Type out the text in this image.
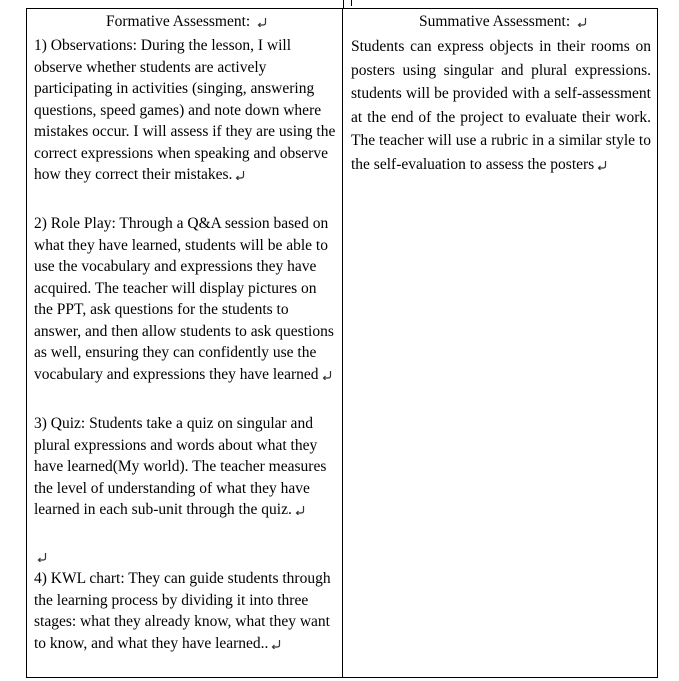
Formative Assessment:	Summative Assessment:

1) Observations: During the lesson, I will observe whether students are actively participating in activities (singing, answering questions, speed games) and note down where mistakes occur. I will assess if they are using the correct expressions when speaking and observe how they correct their mistakes.

2) Role Play: Through a Q&A session based on what they have learned, students will be able to use the vocabulary and expressions they have acquired. The teacher will display pictures on the PPT, ask questions for the students to answer, and then allow students to ask questions as well, ensuring they can confidently use the vocabulary and expressions they have learned

3) Quiz: Students take a quiz on singular and plural expressions and words about what they have learned(My world). The teacher measures the level of understanding of what they have learned in each sub-unit through the quiz.

4) KWL chart: They can guide students through the learning process by dividing it into three stages: what they already know, what they want to know, and what they have learned..

Students can express objects in their rooms on posters using singular and plural expressions. students will be provided with a self-assessment at the end of the project to evaluate their work. The teacher will use a rubric in a similar style to the self-evaluation to assess the posters
